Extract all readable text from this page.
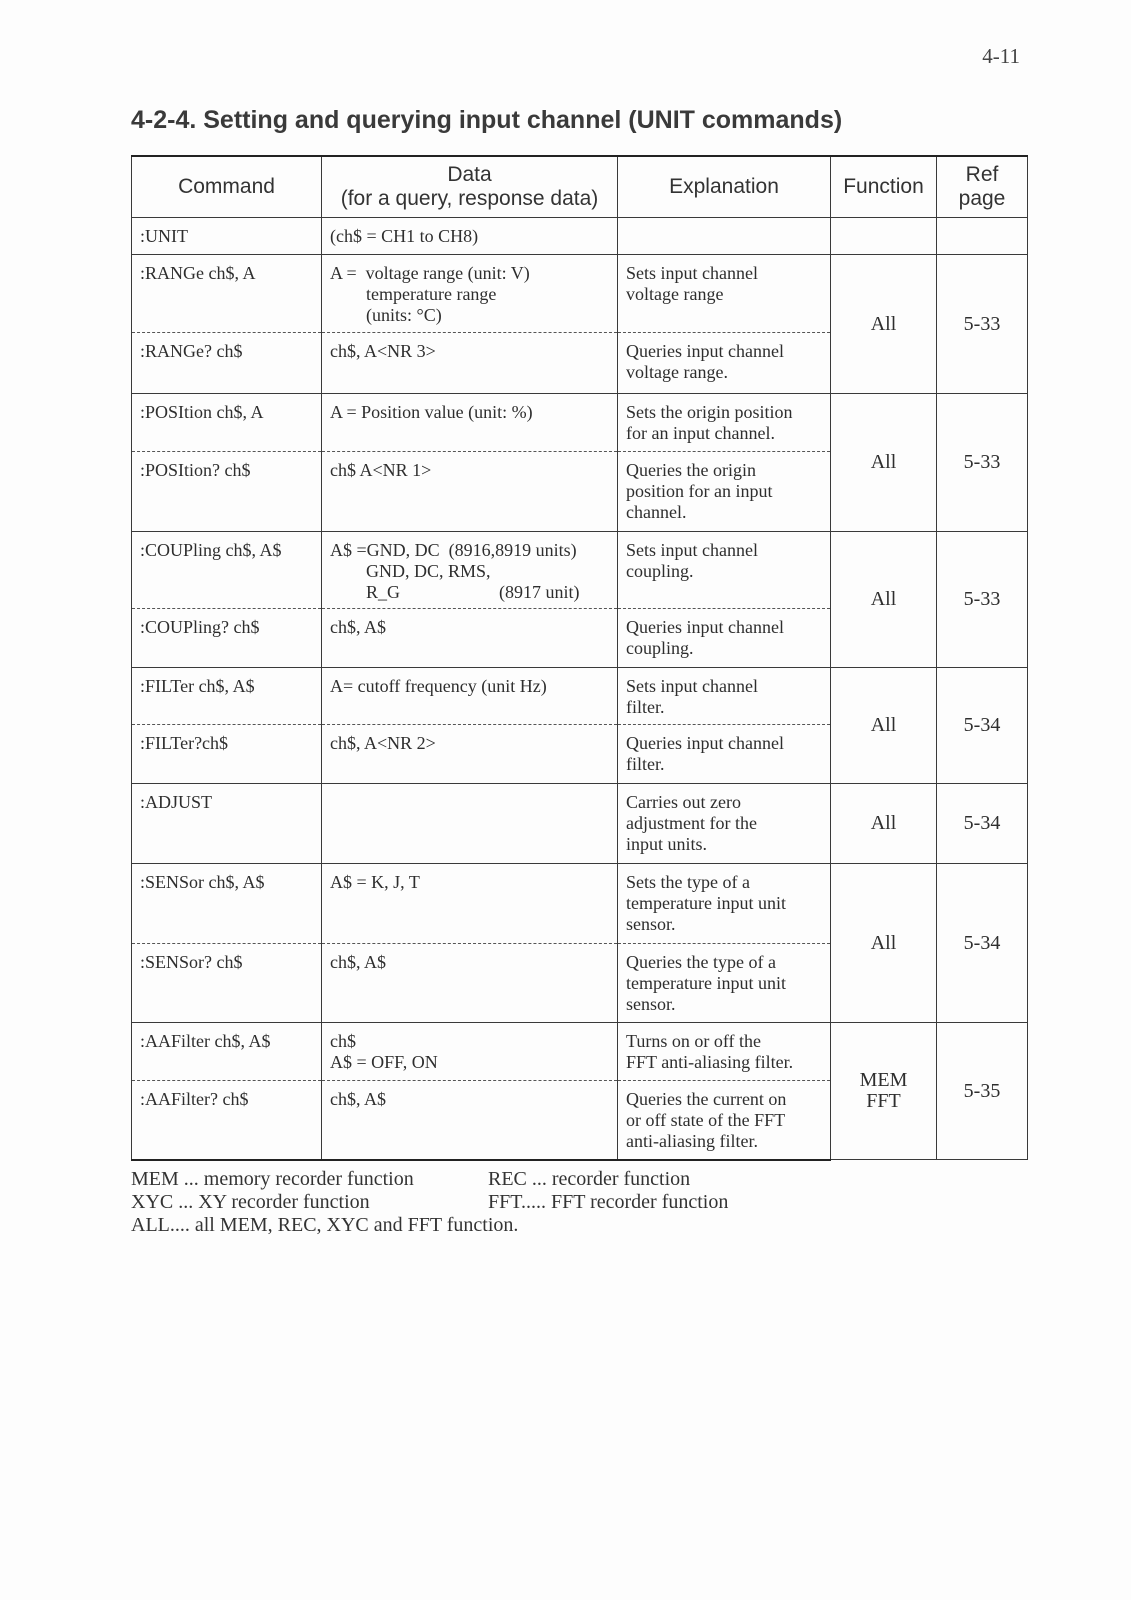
4-11
4-2-4. Setting and querying input channel (UNIT commands)
Command	Data
(for a query, response data)	Explanation	Function	Ref page
:UNIT	(ch$ = CH1 to CH8)			
:RANGe ch$, A	A =  voltage range (unit: V)
temperature range
(units: °C)	Sets input channel
voltage range	All	5-33
:RANGe? ch$	ch$, A<NR 3>	Queries input channel
voltage range.		
:POSItion ch$, A	A = Position value (unit: %)	Sets the origin position
for an input channel.	All	5-33
:POSItion? ch$	ch$ A<NR 1>	Queries the origin
position for an input
channel.		
:COUPling ch$, A$	A$ =GND, DC  (8916,8919 units)
GND, DC, RMS,
R_G                      (8917 unit)	Sets input channel
coupling.	All	5-33
:COUPling? ch$	ch$, A$	Queries input channel
coupling.		
:FILTer ch$, A$	A= cutoff frequency (unit Hz)	Sets input channel
filter.	All	5-34
:FILTer?ch$	ch$, A<NR 2>	Queries input channel
filter.		
:ADJUST		Carries out zero
adjustment for the
input units.	All	5-34
:SENSor ch$, A$	A$ = K, J, T	Sets the type of a
temperature input unit
sensor.	All	5-34
:SENSor? ch$	ch$, A$	Queries the type of a
temperature input unit
sensor.		
:AAFilter ch$, A$	ch$
A$ = OFF, ON	Turns on or off the
FFT anti-aliasing filter.	MEM
FFT	5-35
:AAFilter? ch$	ch$, A$	Queries the current on
or off state of the FFT
anti-aliasing filter.		
MEM ... memory recorder function	REC ... recorder function
XYC ... XY recorder function	FFT..... FFT recorder function
ALL.... all MEM, REC, XYC and FFT function.
